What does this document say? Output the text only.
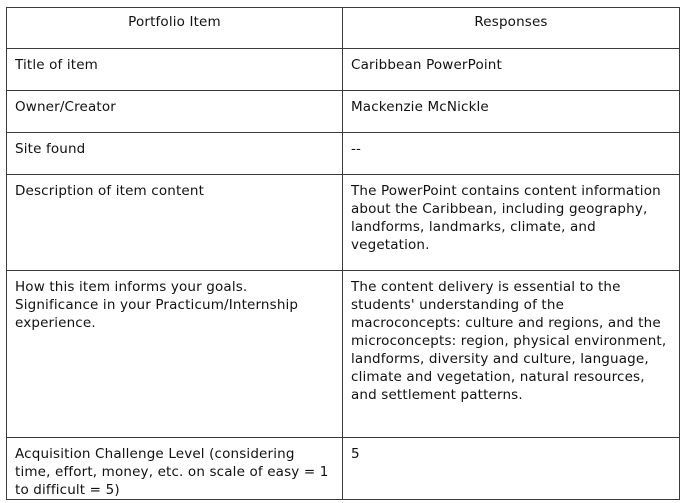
Portfolio Item	Responses
Title of item	Caribbean PowerPoint
Owner/Creator	Mackenzie McNickle
Site found	--
Description of item content	The PowerPoint contains content information about the Caribbean, including geography, landforms, landmarks, climate, and vegetation.
How this item informs your goals. Significance in your Practicum/Internship experience.	The content delivery is essential to the students' understanding of the macroconcepts: culture and regions, and the microconcepts: region, physical environment, landforms, diversity and culture, language, climate and vegetation, natural resources, and settlement patterns.
Acquisition Challenge Level (considering time, effort, money, etc. on scale of easy = 1 to difficult = 5)	5
